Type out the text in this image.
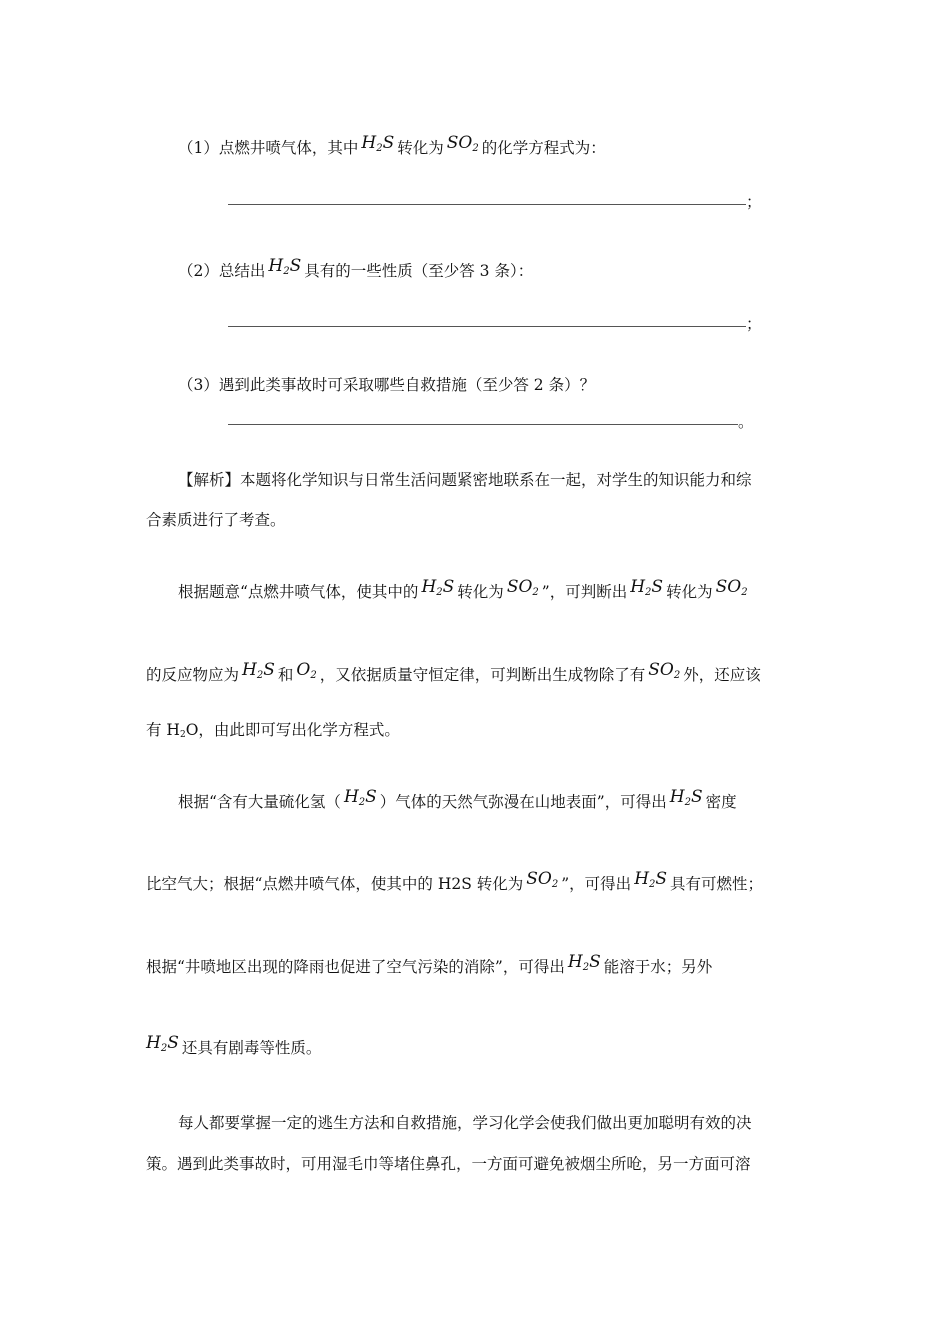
（1）点燃井喷气体，其中 $H_2S$ 转化为 $SO_2$ 的化学方程式为：
；
（2）总结出 $H_2S$ 具有的一些性质（至少答 3 条）：
；
（3）遇到此类事故时可采取哪些自救措施（至少答 2 条）？
。
【解析】本题将化学知识与日常生活问题紧密地联系在一起，对学生的知识能力和综
合素质进行了考查。
根据题意“点燃井喷气体，使其中的 $H_2S$ 转化为 $SO_2$ ”，可判断出 $H_2S$ 转化为 $SO_2$
的反应物应为 $H_2S$ 和 $O_2$ ，又依据质量守恒定律，可判断出生成物除了有 $SO_2$ 外，还应该
有 $H_2O$，由此即可写出化学方程式。
根据“含有大量硫化氢（ $H_2S$ ）气体的天然气弥漫在山地表面”，可得出 $H_2S$ 密度
比空气大；根据“点燃井喷气体，使其中的 H2S 转化为 $SO_2$ ”，可得出 $H_2S$ 具有可燃性；
根据“井喷地区出现的降雨也促进了空气污染的消除”，可得出 $H_2S$ 能溶于水；另外
$H_2S$ 还具有剧毒等性质。
每人都要掌握一定的逃生方法和自救措施，学习化学会使我们做出更加聪明有效的决
策。遇到此类事故时，可用湿毛巾等堵住鼻孔，一方面可避免被烟尘所呛，另一方面可溶
